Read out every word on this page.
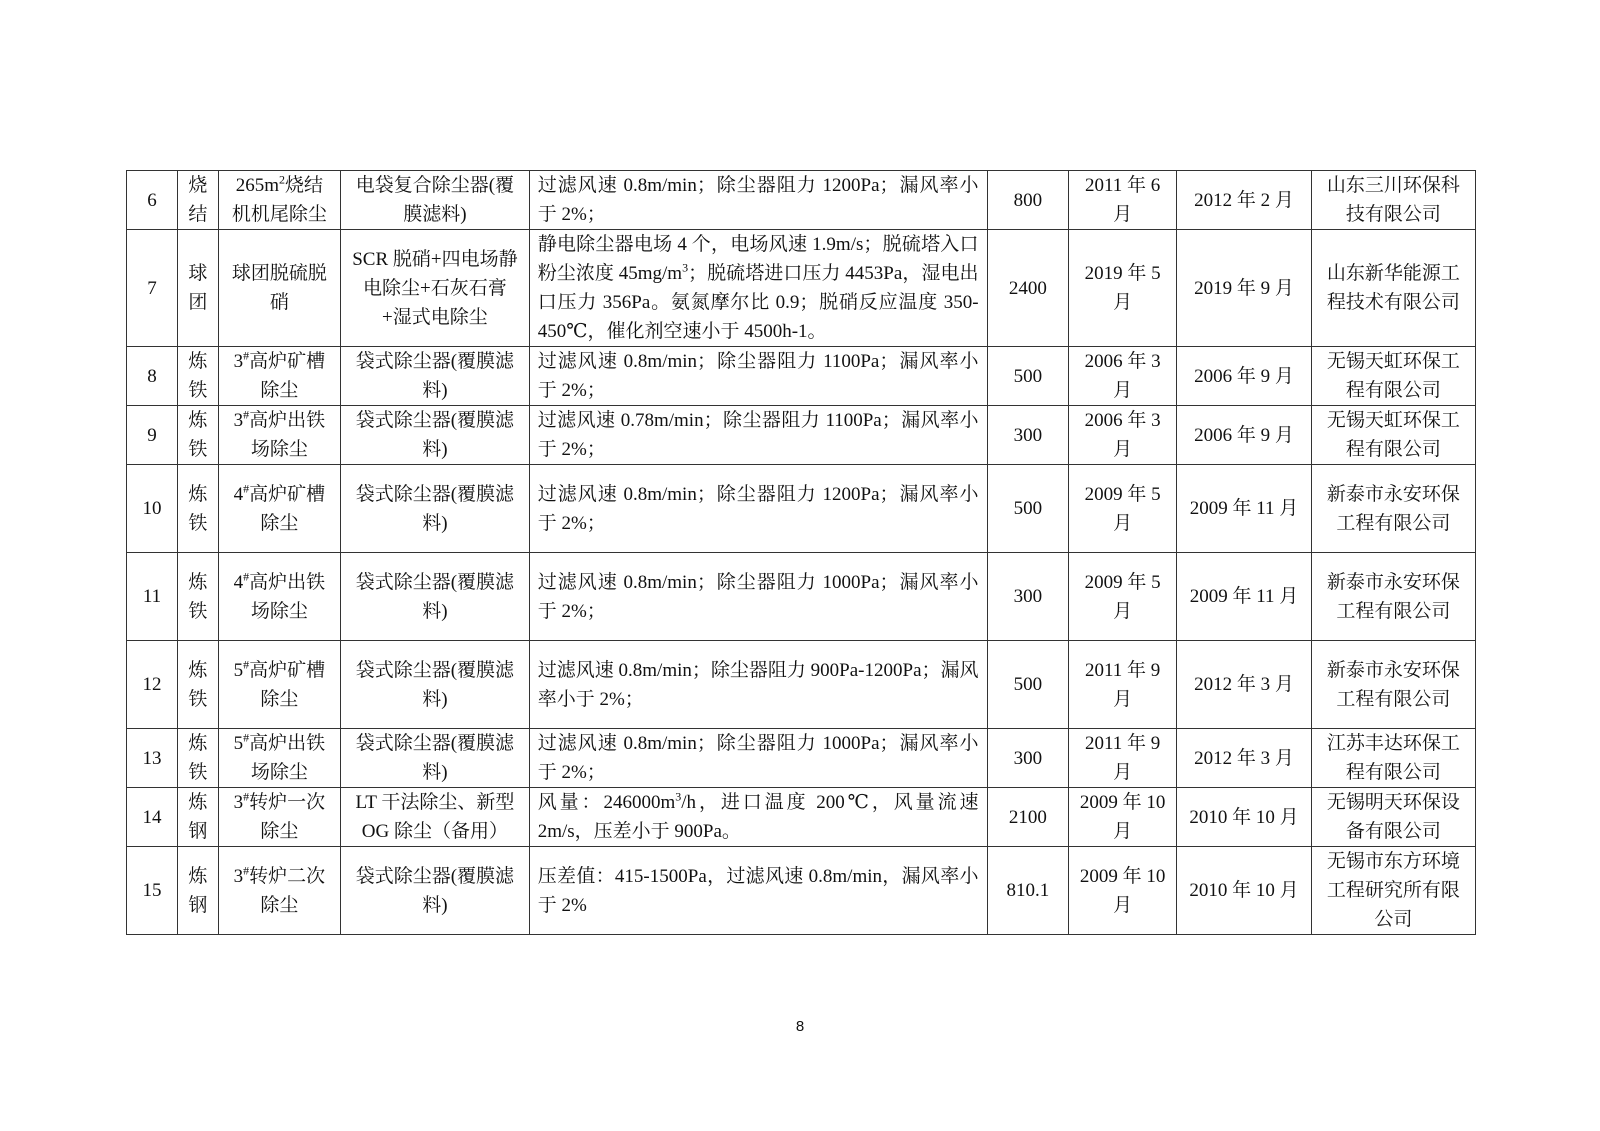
6	烧结	$265m^2$烧结机机尾除尘	电袋复合除尘器(覆膜滤料)	过滤风速 0.8m/min；除尘器阻力 1200Pa；漏风率小于 2%；	800	2011 年 6 月	2012 年 2 月	山东三川环保科技有限公司
7	球团	球团脱硫脱硝	SCR 脱硝+四电场静电除尘+石灰石膏+湿式电除尘	静电除尘器电场 4 个，电场风速 1.9m/s；脱硫塔入口粉尘浓度 $45mg/m^3$；脱硫塔进口压力 4453Pa，湿电出口压力 356Pa。氨氮摩尔比 0.9；脱硝反应温度 350-450℃，催化剂空速小于 4500h-1。	2400	2019 年 5 月	2019 年 9 月	山东新华能源工程技术有限公司
8	炼铁	3#高炉矿槽除尘	袋式除尘器(覆膜滤料)	过滤风速 0.8m/min；除尘器阻力 1100Pa；漏风率小于 2%；	500	2006 年 3 月	2006 年 9 月	无锡天虹环保工程有限公司
9	炼铁	3#高炉出铁场除尘	袋式除尘器(覆膜滤料)	过滤风速 0.78m/min；除尘器阻力 1100Pa；漏风率小于 2%；	300	2006 年 3 月	2006 年 9 月	无锡天虹环保工程有限公司
10	炼铁	4#高炉矿槽除尘	袋式除尘器(覆膜滤料)	过滤风速 0.8m/min；除尘器阻力 1200Pa；漏风率小于 2%；	500	2009 年 5 月	2009 年 11 月	新泰市永安环保工程有限公司
11	炼铁	4#高炉出铁场除尘	袋式除尘器(覆膜滤料)	过滤风速 0.8m/min；除尘器阻力 1000Pa；漏风率小于 2%；	300	2009 年 5 月	2009 年 11 月	新泰市永安环保工程有限公司
12	炼铁	5#高炉矿槽除尘	袋式除尘器(覆膜滤料)	过滤风速 0.8m/min；除尘器阻力 900Pa-1200Pa；漏风率小于 2%；	500	2011 年 9 月	2012 年 3 月	新泰市永安环保工程有限公司
13	炼铁	5#高炉出铁场除尘	袋式除尘器(覆膜滤料)	过滤风速 0.8m/min；除尘器阻力 1000Pa；漏风率小于 2%；	300	2011 年 9 月	2012 年 3 月	江苏丰达环保工程有限公司
14	炼钢	3#转炉一次除尘	LT 干法除尘、新型 OG 除尘（备用）	风量：$246000m^3/h$，进口温度 200℃，风量流速 2m/s，压差小于 900Pa。	2100	2009 年 10 月	2010 年 10 月	无锡明天环保设备有限公司
15	炼钢	3#转炉二次除尘	袋式除尘器(覆膜滤料)	压差值：415-1500Pa，过滤风速 0.8m/min，漏风率小于 2%	810.1	2009 年 10 月	2010 年 10 月	无锡市东方环境工程研究所有限公司
8
